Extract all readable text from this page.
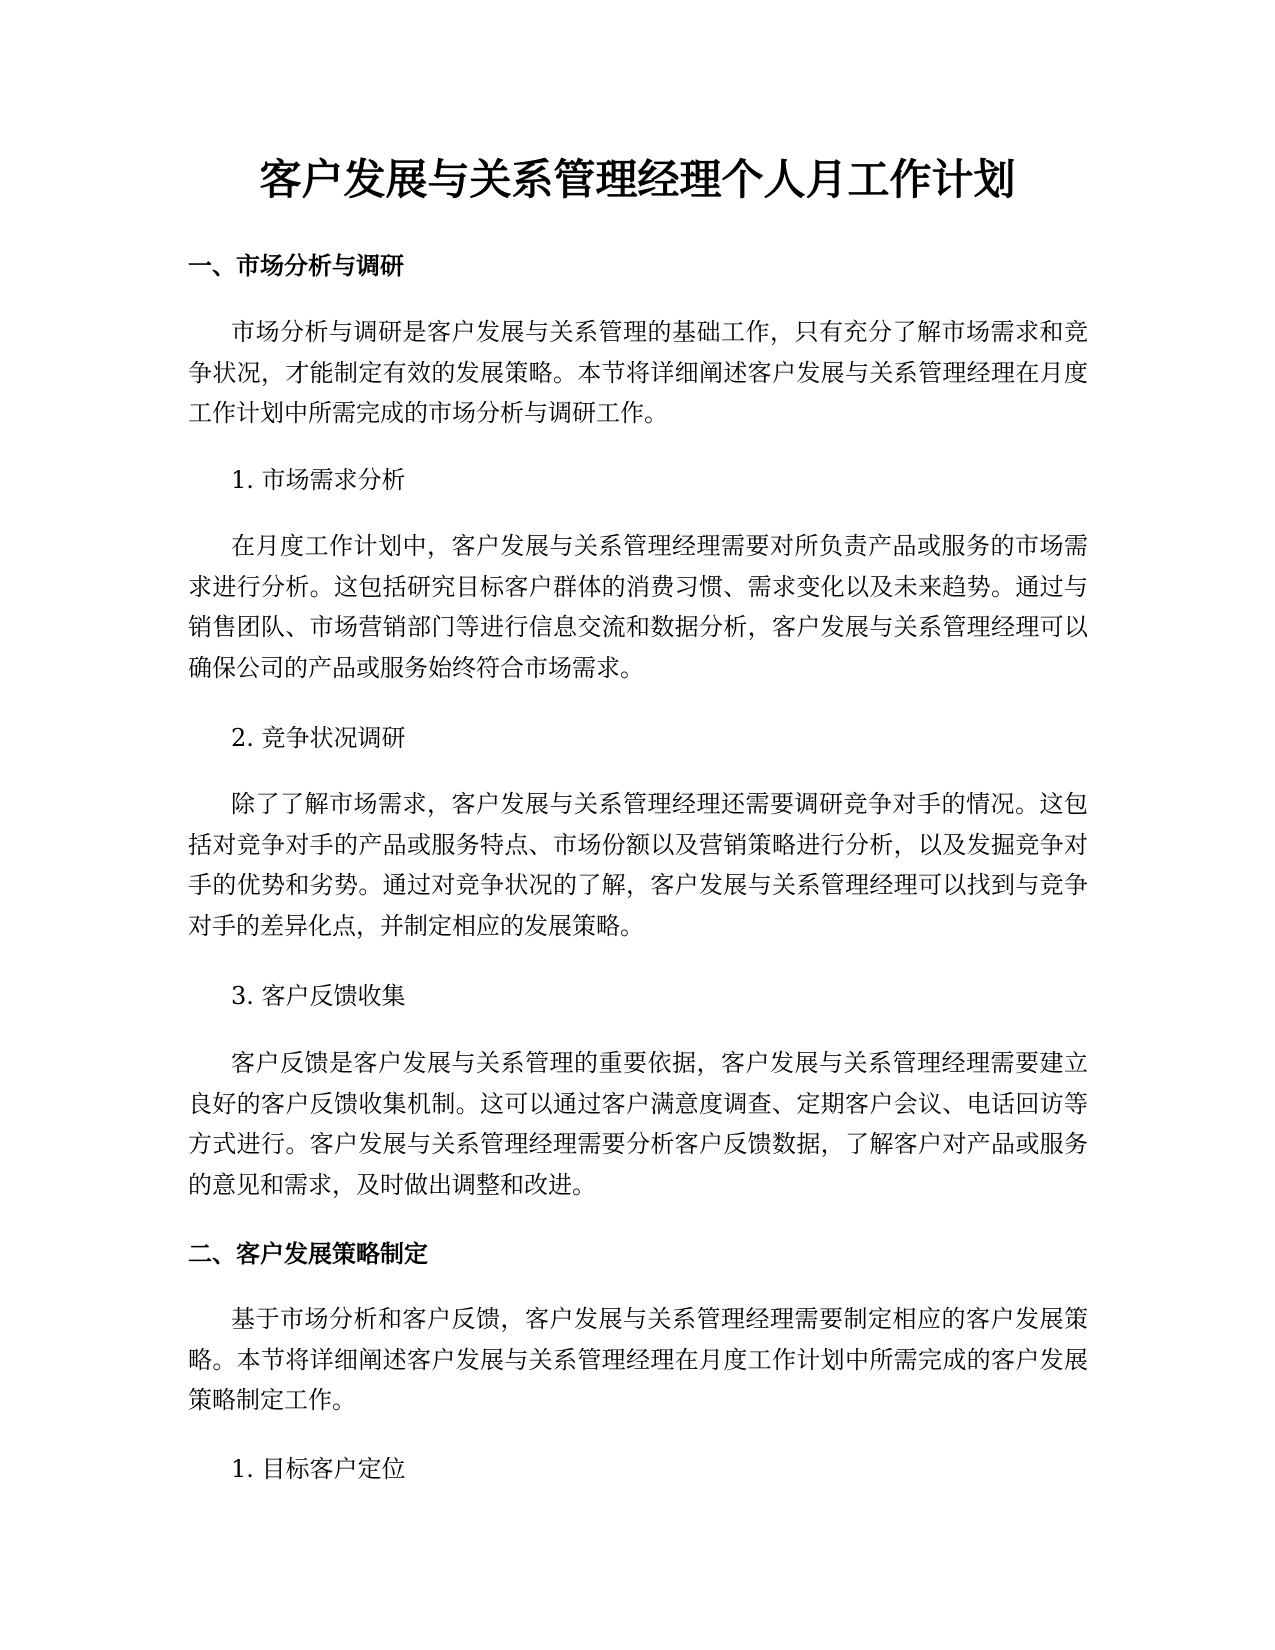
客户发展与关系管理经理个人月工作计划
一、市场分析与调研

市场分析与调研是客户发展与关系管理的基础工作，只有充分了解市场需求和竞争状况，才能制定有效的发展策略。本节将详细阐述客户发展与关系管理经理在月度工作计划中所需完成的市场分析与调研工作。

1. 市场需求分析

在月度工作计划中，客户发展与关系管理经理需要对所负责产品或服务的市场需求进行分析。这包括研究目标客户群体的消费习惯、需求变化以及未来趋势。通过与销售团队、市场营销部门等进行信息交流和数据分析，客户发展与关系管理经理可以确保公司的产品或服务始终符合市场需求。

2. 竞争状况调研

除了了解市场需求，客户发展与关系管理经理还需要调研竞争对手的情况。这包括对竞争对手的产品或服务特点、市场份额以及营销策略进行分析，以及发掘竞争对手的优势和劣势。通过对竞争状况的了解，客户发展与关系管理经理可以找到与竞争对手的差异化点，并制定相应的发展策略。

3. 客户反馈收集

客户反馈是客户发展与关系管理的重要依据，客户发展与关系管理经理需要建立良好的客户反馈收集机制。这可以通过客户满意度调查、定期客户会议、电话回访等方式进行。客户发展与关系管理经理需要分析客户反馈数据，了解客户对产品或服务的意见和需求，及时做出调整和改进。

二、客户发展策略制定

基于市场分析和客户反馈，客户发展与关系管理经理需要制定相应的客户发展策略。本节将详细阐述客户发展与关系管理经理在月度工作计划中所需完成的客户发展策略制定工作。

1. 目标客户定位
